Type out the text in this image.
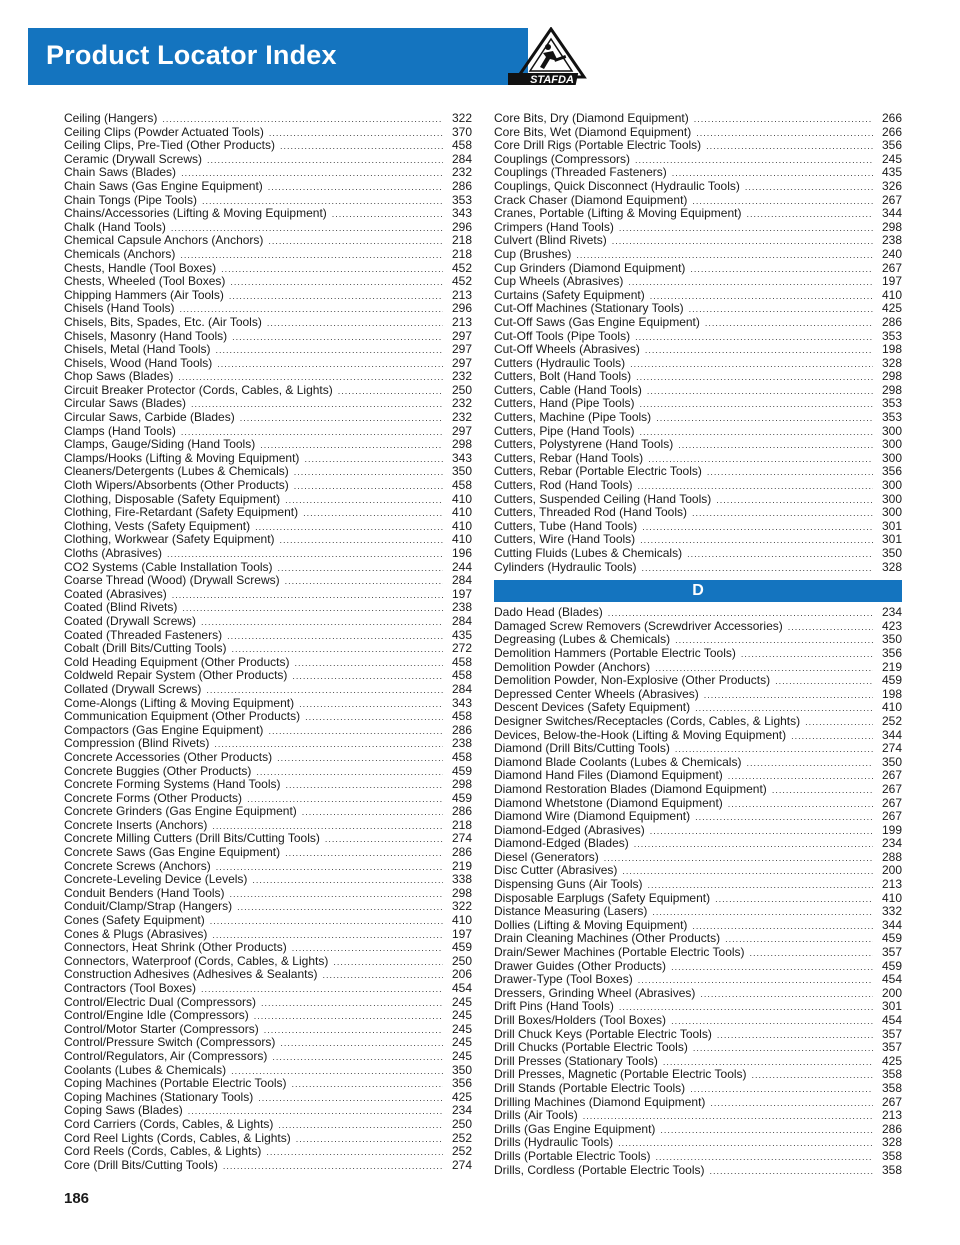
Product Locator Index
STAFDA
Ceiling (Hangers) .....	322
Ceiling Clips (Powder Actuated Tools) .....	370
Ceiling Clips, Pre-Tied (Other Products) .....	458
Ceramic (Drywall Screws) .....	284
Chain Saws (Blades) .....	232
Chain Saws (Gas Engine Equipment) .....	286
Chain Tongs (Pipe Tools) .....	353
Chains/Accessories (Lifting & Moving Equipment) .....	343
Chalk (Hand Tools) .....	296
Chemical Capsule Anchors (Anchors) .....	218
Chemicals (Anchors) .....	218
Chests, Handle (Tool Boxes) .....	452
Chests, Wheeled (Tool Boxes) .....	452
Chipping Hammers (Air Tools) .....	213
Chisels (Hand Tools) .....	296
Chisels, Bits, Spades, Etc. (Air Tools) .....	213
Chisels, Masonry (Hand Tools) .....	297
Chisels, Metal (Hand Tools) .....	297
Chisels, Wood (Hand Tools) .....	297
Chop Saws (Blades) .....	232
Circuit Breaker Protector (Cords, Cables, & Lights) .....	250
Circular Saws (Blades) .....	232
Circular Saws, Carbide (Blades) .....	232
Clamps (Hand Tools) .....	297
Clamps, Gauge/Siding (Hand Tools) .....	298
Clamps/Hooks (Lifting & Moving Equipment) .....	343
Cleaners/Detergents (Lubes & Chemicals) .....	350
Cloth Wipers/Absorbents (Other Products) .....	458
Clothing, Disposable (Safety Equipment) .....	410
Clothing, Fire-Retardant (Safety Equipment) .....	410
Clothing, Vests (Safety Equipment) .....	410
Clothing, Workwear (Safety Equipment) .....	410
Cloths (Abrasives) .....	196
CO2 Systems (Cable Installation Tools) .....	244
Coarse Thread (Wood) (Drywall Screws) .....	284
Coated (Abrasives) .....	197
Coated (Blind Rivets) .....	238
Coated (Drywall Screws) .....	284
Coated (Threaded Fasteners) .....	435
Cobalt (Drill Bits/Cutting Tools) .....	272
Cold Heading Equipment (Other Products) .....	458
Coldweld Repair System (Other Products) .....	458
Collated (Drywall Screws) .....	284
Come-Alongs (Lifting & Moving Equipment) .....	343
Communication Equipment (Other Products) .....	458
Compactors (Gas Engine Equipment) .....	286
Compression (Blind Rivets) .....	238
Concrete Accessories (Other Products) .....	458
Concrete Buggies (Other Products) .....	459
Concrete Forming Systems (Hand Tools) .....	298
Concrete Forms (Other Products) .....	459
Concrete Grinders (Gas Engine Equipment) .....	286
Concrete Inserts (Anchors) .....	218
Concrete Milling Cutters (Drill Bits/Cutting Tools) .....	274
Concrete Saws (Gas Engine Equipment) .....	286
Concrete Screws (Anchors) .....	219
Concrete-Leveling Device (Levels) .....	338
Conduit Benders (Hand Tools) .....	298
Conduit/Clamp/Strap (Hangers) .....	322
Cones (Safety Equipment) .....	410
Cones & Plugs (Abrasives) .....	197
Connectors, Heat Shrink (Other Products) .....	459
Connectors, Waterproof (Cords, Cables, & Lights) .....	250
Construction Adhesives (Adhesives & Sealants) .....	206
Contractors (Tool Boxes) .....	454
Control/Electric Dual (Compressors) .....	245
Control/Engine Idle (Compressors) .....	245
Control/Motor Starter (Compressors) .....	245
Control/Pressure Switch (Compressors) .....	245
Control/Regulators, Air (Compressors) .....	245
Coolants (Lubes & Chemicals) .....	350
Coping Machines (Portable Electric Tools) .....	356
Coping Machines (Stationary Tools) .....	425
Coping Saws (Blades) .....	234
Cord Carriers (Cords, Cables, & Lights) .....	250
Cord Reel Lights (Cords, Cables, & Lights) .....	252
Cord Reels (Cords, Cables, & Lights) .....	252
Core (Drill Bits/Cutting Tools) .....	274
Core Bits, Dry (Diamond Equipment) .....	266
Core Bits, Wet (Diamond Equipment) .....	266
Core Drill Rigs (Portable Electric Tools) .....	356
Couplings (Compressors) .....	245
Couplings (Threaded Fasteners) .....	435
Couplings, Quick Disconnect (Hydraulic Tools) .....	326
Crack Chaser (Diamond Equipment) .....	267
Cranes, Portable (Lifting & Moving Equipment) .....	344
Crimpers (Hand Tools) .....	298
Culvert (Blind Rivets) .....	238
Cup (Brushes) .....	240
Cup Grinders (Diamond Equipment) .....	267
Cup Wheels (Abrasives) .....	197
Curtains (Safety Equipment) .....	410
Cut-Off Machines (Stationary Tools) .....	425
Cut-Off Saws (Gas Engine Equipment) .....	286
Cut-Off Tools (Pipe Tools) .....	353
Cut-Off Wheels (Abrasives) .....	198
Cutters (Hydraulic Tools) .....	328
Cutters, Bolt (Hand Tools) .....	298
Cutters, Cable (Hand Tools) .....	298
Cutters, Hand (Pipe Tools) .....	353
Cutters, Machine (Pipe Tools) .....	353
Cutters, Pipe (Hand Tools) .....	300
Cutters, Polystyrene (Hand Tools) .....	300
Cutters, Rebar (Hand Tools) .....	300
Cutters, Rebar (Portable Electric Tools) .....	356
Cutters, Rod (Hand Tools) .....	300
Cutters, Suspended Ceiling (Hand Tools) .....	300
Cutters, Threaded Rod (Hand Tools) .....	300
Cutters, Tube (Hand Tools) .....	301
Cutters, Wire (Hand Tools) .....	301
Cutting Fluids (Lubes & Chemicals) .....	350
Cylinders (Hydraulic Tools) .....	328
D
Dado Head (Blades) .....	234
Damaged Screw Removers (Screwdriver Accessories) .....	423
Degreasing (Lubes & Chemicals) .....	350
Demolition Hammers (Portable Electric Tools) .....	356
Demolition Powder (Anchors) .....	219
Demolition Powder, Non-Explosive (Other Products) .....	459
Depressed Center Wheels (Abrasives) .....	198
Descent Devices (Safety Equipment) .....	410
Designer Switches/Receptacles (Cords, Cables, & Lights) .....	252
Devices, Below-the-Hook (Lifting & Moving Equipment) .....	344
Diamond (Drill Bits/Cutting Tools) .....	274
Diamond Blade Coolants (Lubes & Chemicals) .....	350
Diamond Hand Files (Diamond Equipment) .....	267
Diamond Restoration Blades (Diamond Equipment) .....	267
Diamond Whetstone (Diamond Equipment) .....	267
Diamond Wire (Diamond Equipment) .....	267
Diamond-Edged (Abrasives) .....	199
Diamond-Edged (Blades) .....	234
Diesel (Generators) .....	288
Disc Cutter (Abrasives) .....	200
Dispensing Guns (Air Tools) .....	213
Disposable Earplugs (Safety Equipment) .....	410
Distance Measuring (Lasers) .....	332
Dollies (Lifting & Moving Equipment) .....	344
Drain Cleaning Machines (Other Products) .....	459
Drain/Sewer Machines (Portable Electric Tools) .....	357
Drawer Guides (Other Products) .....	459
Drawer-Type (Tool Boxes) .....	454
Dressers, Grinding Wheel (Abrasives) .....	200
Drift Pins (Hand Tools) .....	301
Drill Boxes/Holders (Tool Boxes) .....	454
Drill Chuck Keys (Portable Electric Tools) .....	357
Drill Chucks (Portable Electric Tools) .....	357
Drill Presses (Stationary Tools) .....	425
Drill Presses, Magnetic (Portable Electric Tools) .....	358
Drill Stands (Portable Electric Tools) .....	358
Drilling Machines (Diamond Equipment) .....	267
Drills (Air Tools) .....	213
Drills (Gas Engine Equipment) .....	286
Drills (Hydraulic Tools) .....	328
Drills (Portable Electric Tools) .....	358
Drills, Cordless (Portable Electric Tools) .....	358
186
